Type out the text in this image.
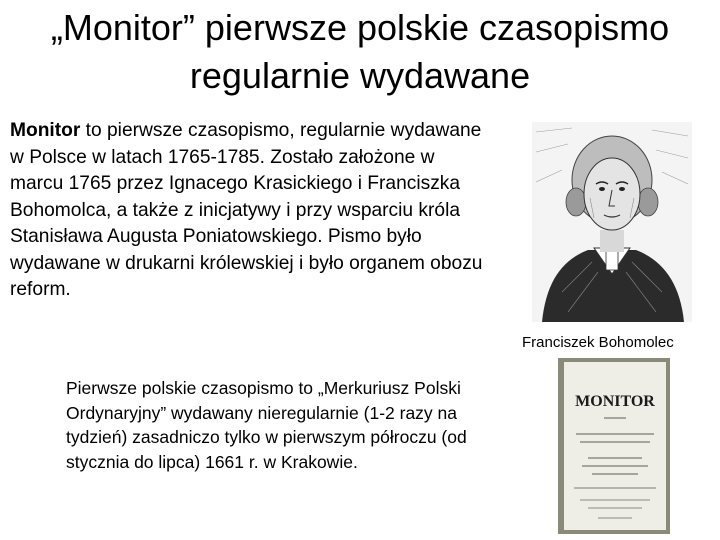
„Monitor” pierwsze polskie czasopismo regularnie wydawane
Monitor to pierwsze czasopismo, regularnie wydawane w Polsce w latach 1765-1785. Zostało założone w marcu 1765 przez Ignacego Krasickiego i Franciszka Bohomolca, a także z inicjatywy i przy wsparciu króla Stanisława Augusta Poniatowskiego. Pismo było wydawane w drukarni królewskiej i było organem obozu reform.
Pierwsze polskie czasopismo to „Merkuriusz Polski Ordynaryjny” wydawany nieregularnie (1-2 razy na tydzień) zasadniczo tylko w pierwszym półroczu (od stycznia do lipca) 1661 r. w Krakowie.
Franciszek Bohomolec
MONITOR
